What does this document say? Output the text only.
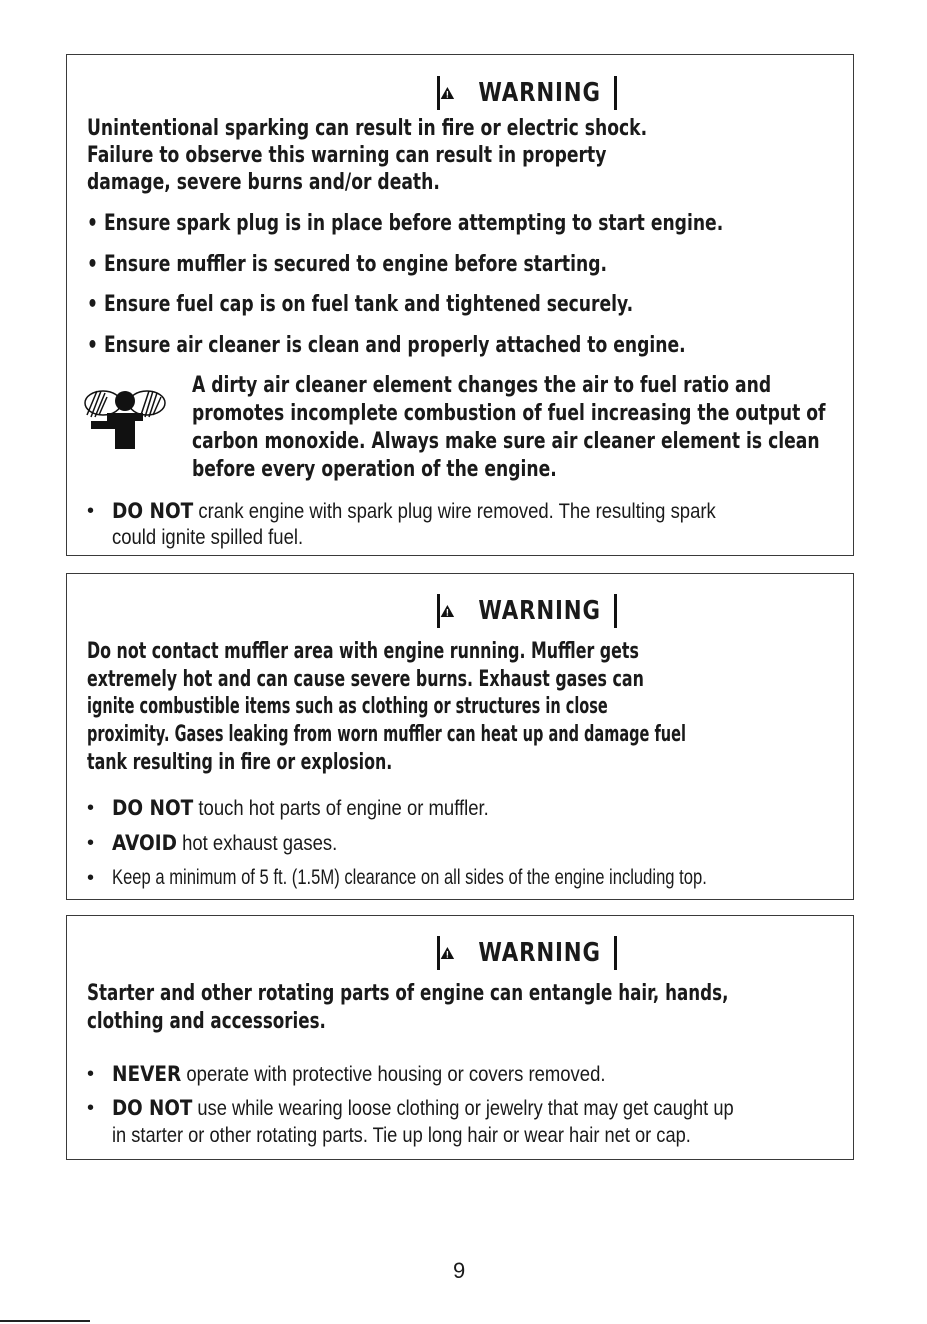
WARNING
Unintentional sparking can result in fire or electric shock.
Failure to observe this warning can result in property
damage, severe burns and/or death.
• Ensure spark plug is in place before attempting to start engine.
• Ensure muffler is secured to engine before starting.
• Ensure fuel cap is on fuel tank and tightened securely.
• Ensure air cleaner is clean and properly attached to engine.
A dirty air cleaner element changes the air to fuel ratio and
promotes incomplete combustion of fuel increasing the output of
carbon monoxide. Always make sure air cleaner element is clean
before every operation of the engine.
• DO NOT crank engine with spark plug wire removed. The resulting spark
could ignite spilled fuel.
WARNING
Do not contact muffler area with engine running. Muffler gets
extremely hot and can cause severe burns. Exhaust gases can
ignite combustible items such as clothing or structures in close
proximity. Gases leaking from worn muffler can heat up and damage fuel
tank resulting in fire or explosion.
• DO NOT touch hot parts of engine or muffler.
• AVOID hot exhaust gases.
• Keep a minimum of 5 ft. (1.5M) clearance on all sides of the engine including top.
WARNING
Starter and other rotating parts of engine can entangle hair, hands,
clothing and accessories.
• NEVER operate with protective housing or covers removed.
• DO NOT use while wearing loose clothing or jewelry that may get caught up
in starter or other rotating parts. Tie up long hair or wear hair net or cap.
9
